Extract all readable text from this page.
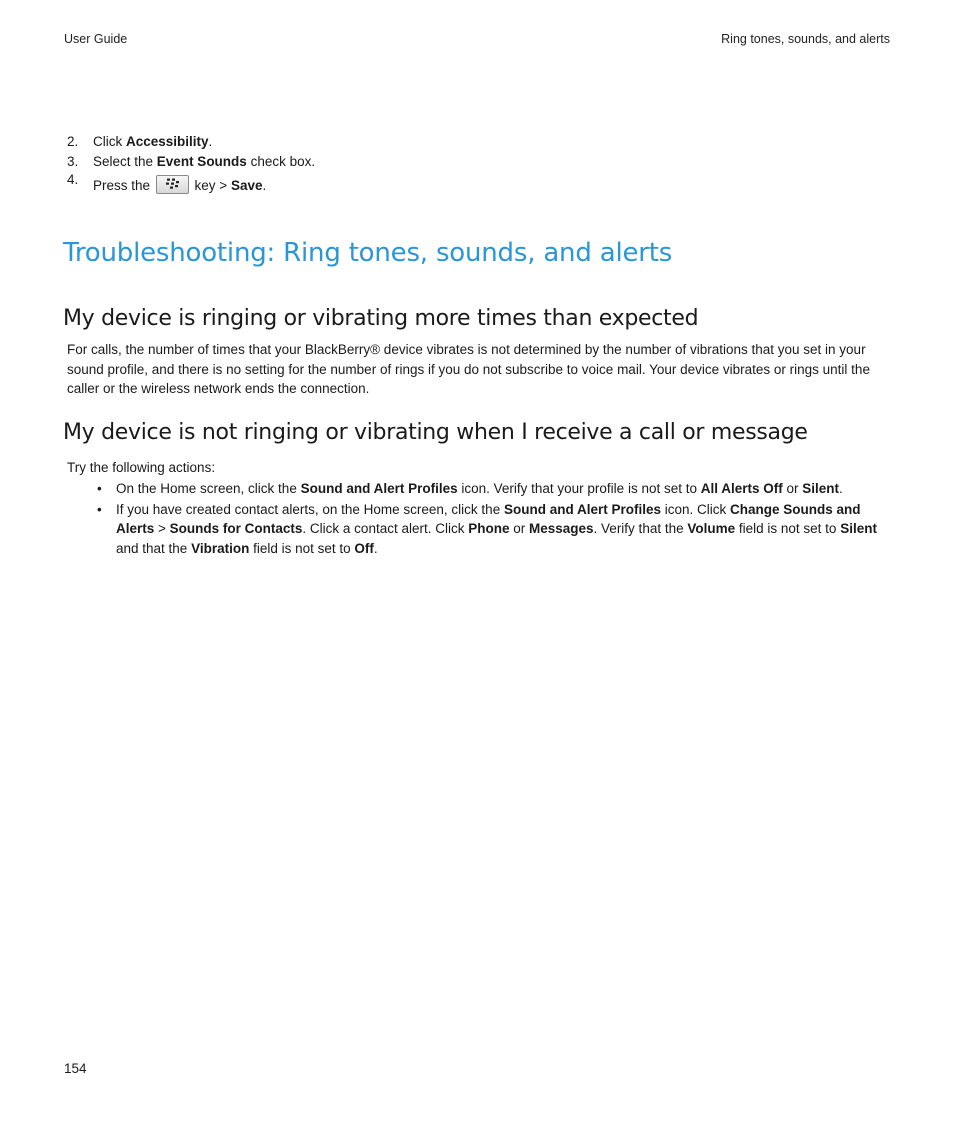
User Guide	Ring tones, sounds, and alerts
2.	Click Accessibility.
3.	Select the Event Sounds check box.
4.	Press the	key > Save.
Troubleshooting: Ring tones, sounds, and alerts
My device is ringing or vibrating more times than expected

For calls, the number of times that your BlackBerry® device vibrates is not determined by the number of vibrations that you set in your sound profile, and there is no setting for the number of rings if you do not subscribe to voice mail. Your device vibrates or rings until the caller or the wireless network ends the connection.

My device is not ringing or vibrating when I receive a call or message

Try the following actions:

• On the Home screen, click the Sound and Alert Profiles icon. Verify that your profile is not set to All Alerts Off or Silent.
• If you have created contact alerts, on the Home screen, click the Sound and Alert Profiles icon. Click Change Sounds and Alerts > Sounds for Contacts. Click a contact alert. Click Phone or Messages. Verify that the Volume field is not set to Silent and that the Vibration field is not set to Off.
154
